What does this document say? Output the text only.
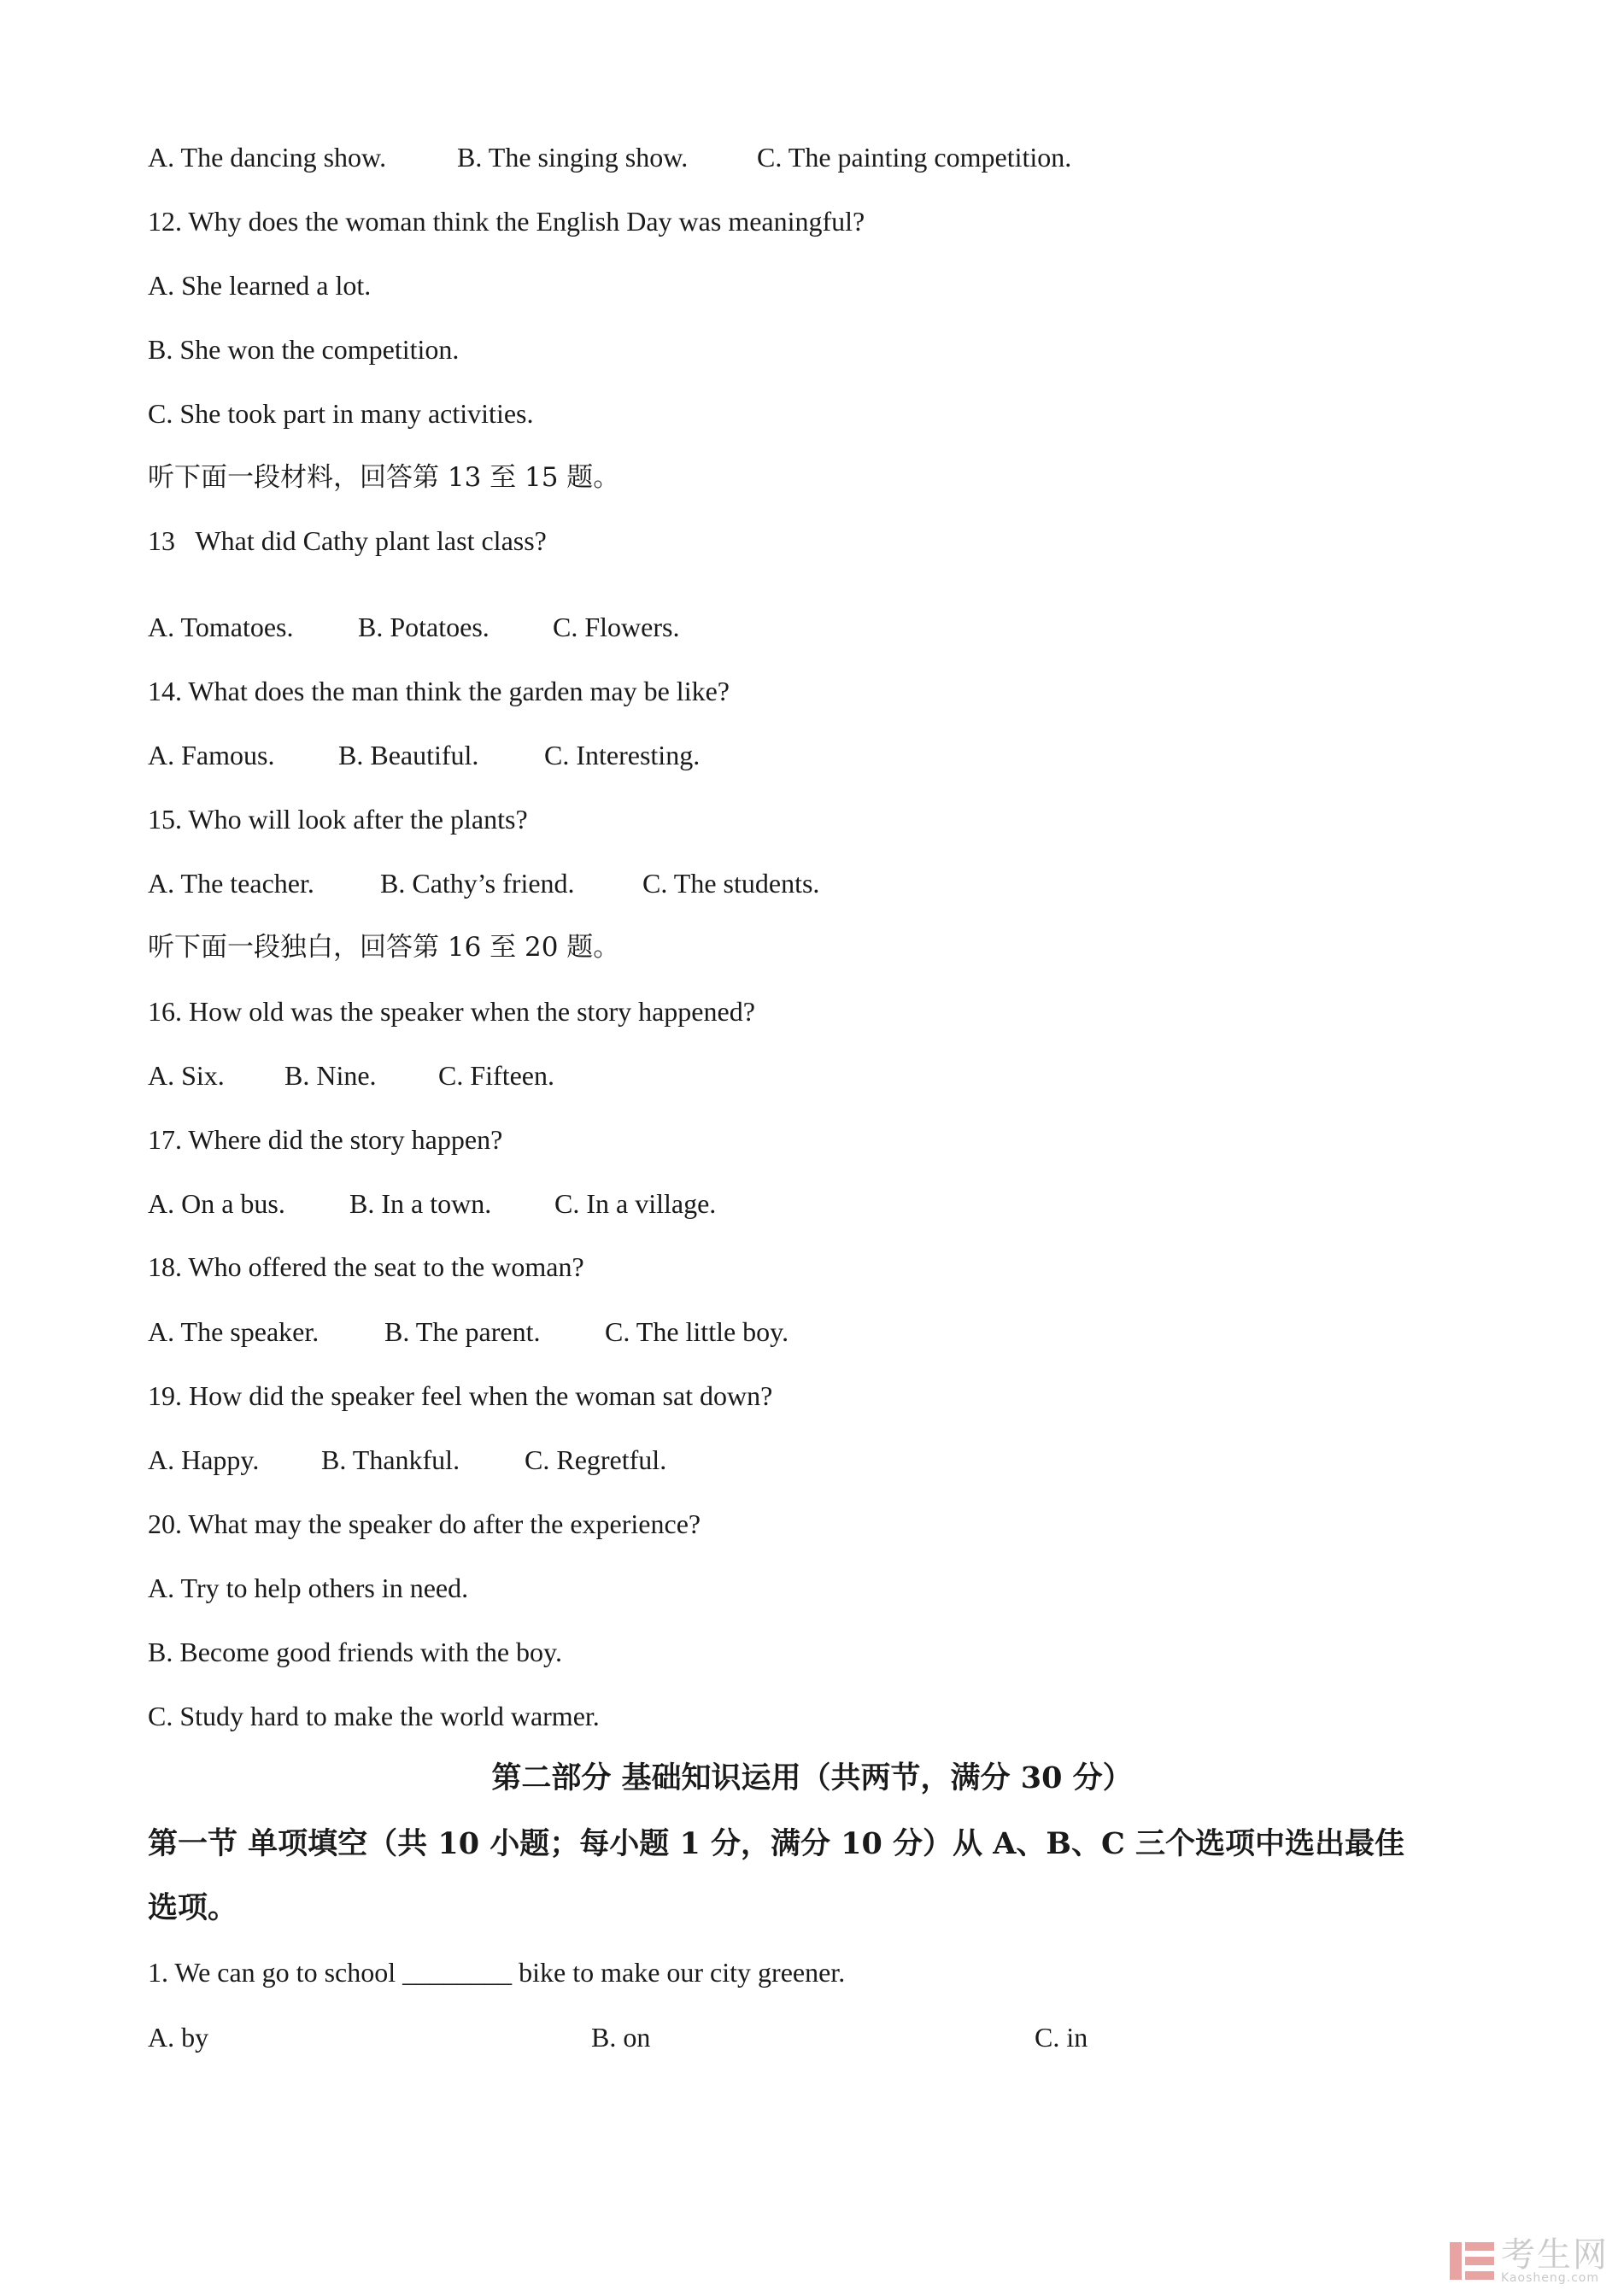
A. The dancing show.	B. The singing show.	C. The painting competition.
12. Why does the woman think the English Day was meaningful?
A. She learned a lot.
B. She won the competition.
C. She took part in many activities.
听下面一段材料，回答第 13 至 15 题。
13   What did Cathy plant last class?
A. Tomatoes. B. Potatoes. C. Flowers.
14. What does the man think the garden may be like?
A. Famous. B. Beautiful. C. Interesting.
15. Who will look after the plants?
A. The teacher. B. Cathy’s friend. C. The students.
听下面一段独白，回答第 16 至 20 题。
16. How old was the speaker when the story happened?
A. Six. B. Nine. C. Fifteen.
17. Where did the story happen?
A. On a bus. B. In a town. C. In a village.
18. Who offered the seat to the woman?
A. The speaker. B. The parent. C. The little boy.
19. How did the speaker feel when the woman sat down?
A. Happy. B. Thankful. C. Regretful.
20. What may the speaker do after the experience?
A. Try to help others in need.
B. Become good friends with the boy.
C. Study hard to make the world warmer.
第二部分 基础知识运用（共两节，满分 30 分）
第一节 单项填空（共 10 小题；每小题 1 分，满分 10 分）从 A、B、C 三个选项中选出最佳
选项。
1. We can go to school ________ bike to make our city greener.
A. by	B. on	C. in
考生网
Kaosheng.com
